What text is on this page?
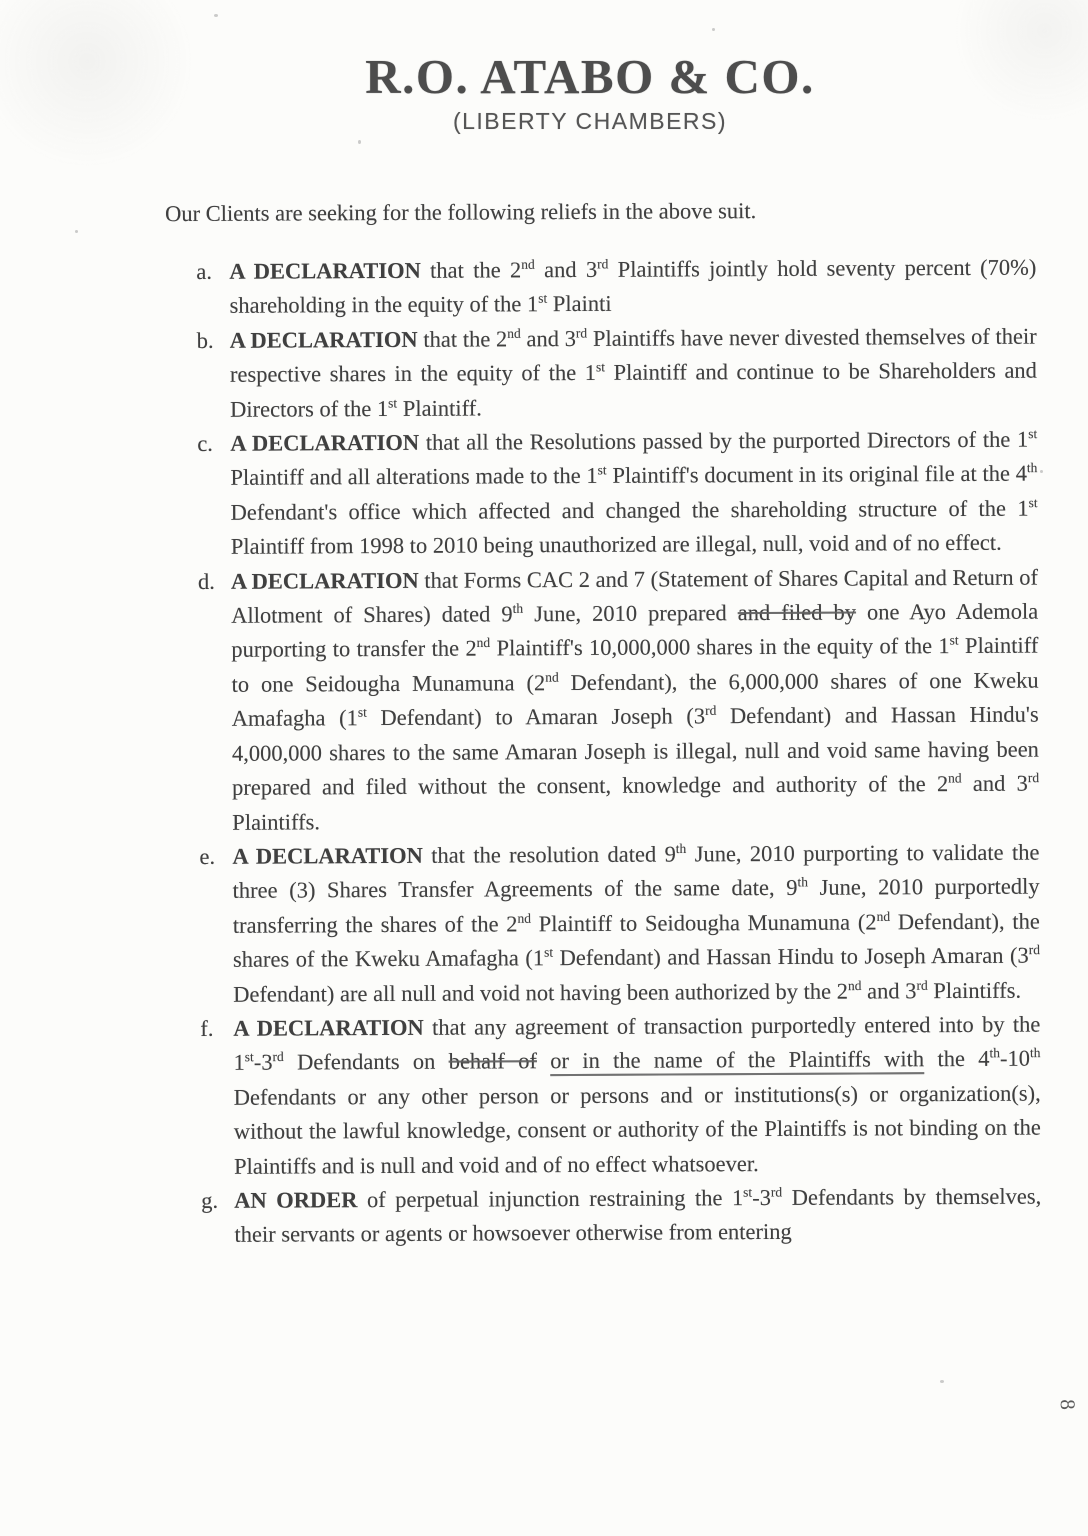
R.O. ATABO & CO.
(LIBERTY CHAMBERS)

Our Clients are seeking for the following reliefs in the above suit.

a. A DECLARATION that the 2nd and 3rd Plaintiffs jointly hold seventy percent (70%) shareholding in the equity of the 1st Plainti
b. A DECLARATION that the 2nd and 3rd Plaintiffs have never divested themselves of their respective shares in the equity of the 1st Plaintiff and continue to be Shareholders and Directors of the 1st Plaintiff.
c. A DECLARATION that all the Resolutions passed by the purported Directors of the 1st Plaintiff and all alterations made to the 1st Plaintiff's document in its original file at the 4th Defendant's office which affected and changed the shareholding structure of the 1st Plaintiff from 1998 to 2010 being unauthorized are illegal, null, void and of no effect.
d. A DECLARATION that Forms CAC 2 and 7 (Statement of Shares Capital and Return of Allotment of Shares) dated 9th June, 2010 prepared and filed by one Ayo Ademola purporting to transfer the 2nd Plaintiff's 10,000,000 shares in the equity of the 1st Plaintiff to one Seidougha Munamuna (2nd Defendant), the 6,000,000 shares of one Kweku Amafagha (1st Defendant) to Amaran Joseph (3rd Defendant) and Hassan Hindu's 4,000,000 shares to the same Amaran Joseph is illegal, null and void same having been prepared and filed without the consent, knowledge and authority of the 2nd and 3rd Plaintiffs.
e. A DECLARATION that the resolution dated 9th June, 2010 purporting to validate the three (3) Shares Transfer Agreements of the same date, 9th June, 2010 purportedly transferring the shares of the 2nd Plaintiff to Seidougha Munamuna (2nd Defendant), the shares of the Kweku Amafagha (1st Defendant) and Hassan Hindu to Joseph Amaran (3rd Defendant) are all null and void not having been authorized by the 2nd and 3rd Plaintiffs.
f. A DECLARATION that any agreement of transaction purportedly entered into by the 1st-3rd Defendants on behalf of or in the name of the Plaintiffs with the 4th-10th Defendants or any other person or persons and or institutions(s) or organization(s), without the lawful knowledge, consent or authority of the Plaintiffs is not binding on the Plaintiffs and is null and void and of no effect whatsoever.
g. AN ORDER of perpetual injunction restraining the 1st-3rd Defendants by themselves, their servants or agents or howsoever otherwise from entering
8
